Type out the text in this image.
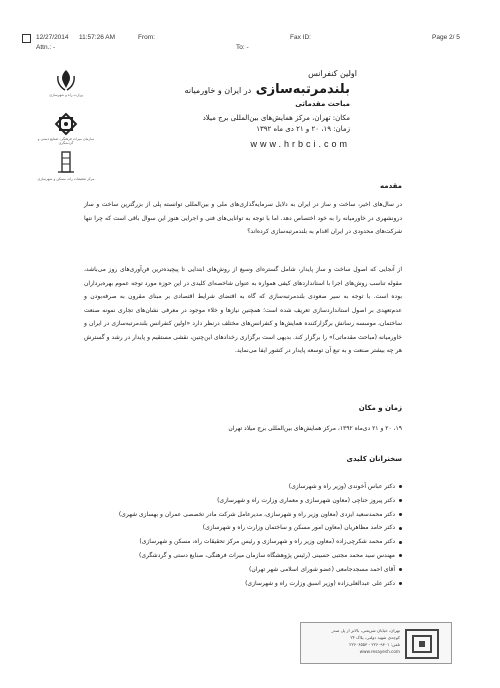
12/27/2014 11:57:26 AM	From:	Fax ID:	Page 2/ 5
Attn.: -	To: -
وزارت راه و شهرسازی
سازمان میراث فرهنگی، صنایع دستی و گردشگری
مرکز تحقیقات راه، مسکن و شهرسازی
اولین کنفرانس
بلندمرتبه‌سازی در ایران و خاورمیانه
مباحث مقدماتی
مکان: تهران، مرکز همایش‌های بین‌المللی برج میلاد
زمان: ۱۹، ۲۰ و ۲۱ دی ماه ۱۳۹۲
www.hrbci.com
مقدمه

در سال‌های اخیر، ساخت و ساز در ایران به دلایل سرمایه‌گذاری‌های ملی و بین‌المللی توانسته پلی از بزرگترین ساخت و ساز درونشهری در خاورمیانه را به خود اختصاص دهد. اما با توجه به توانایی‌های فنی و اجرایی هنوز این سوال باقی است که چرا تنها شرکت‌های محدودی در ایران اقدام به بلندمرتبه‌سازی کرده‌اند؟

از آنجایی که اصول ساخت و ساز پایدار، شامل گستره‌ای وسیع از روش‌های ابتدایی تا پیچیده‌ترین فن‌آوری‌های روز می‌باشد، مقوله تناسب روش‌های اجرا با استانداردهای کیفی همواره به عنوان شاخصه‌ای کلیدی در این حوزه مورد توجه عموم بهره‌برداران بوده است. با توجه به سیر صعودی بلندمرتبه‌سازی که گاه به اقتضای شرایط اقتصادی بر مبنای مقرون به صرفه‌بودن و عدم‌تعهدی بر اصول استانداردسازی تعریف شده است؛ همچنین نیازها و خلاء موجود در معرفی نشان‌های تجاری نمونه صنعت ساختمان، موسسه رسانش برگزارکننده همایش‌ها و کنفرانس‌های مختلف درنظر دارد «اولین کنفرانس بلندمرتبه‌سازی در ایران و خاورمیانه (مباحث مقدماتی)» را برگزار کند. بدیهی است برگزاری رخدادهای این‌چنین، نقشی مستقیم و پایدار در رشد و گسترش هر چه بیشتر صنعت و به تبع آن توسعه پایدار در کشور ایفا می‌نماید.

زمان و مکان
۱۹، ۲۰ و ۲۱ دی‌ماه ۱۳۹۲، مرکز همایش‌های بین‌المللی برج میلاد تهران
سخنرانان کلیدی
دکتر عباس آخوندی (وزیر راه و شهرسازی)
دکتر پیروز حناچی (معاون شهرسازی و معماری وزارت راه و شهرسازی)
دکتر محمدسعید ایزدی (معاون وزیر راه و شهرسازی، مدیرعامل شرکت مادر تخصصی عمران و بهسازی شهری)
دکتر حامد مظاهریان (معاون امور مسکن و ساختمان وزارت راه و شهرسازی)
دکتر محمد شکرچی‌زاده (معاون وزیر راه و شهرسازی و رئیس مرکز تحقیقات راه، مسکن و شهرسازی)
مهندس سید محمد مجتبی حسینی (رئیس پژوهشگاه سازمان میراث فرهنگی، صنایع دستی و گردشگری)
آقای احمد مسجدجامعی (عضو شورای اسلامی شهر تهران)
دکتر علی عبدالعلی‌زاده (وزیر اسبق وزارت راه و شهرسازی)
تهران، خیابان شریعتی، بالاتر از پل صدر
کوچه‌ی شهید دولتی، پلاک ۲۴
تلفن: ۲۲۶۰۹۳۰۱ - ۲۲۶۰۶۵۵۳
www.resayesh.com
